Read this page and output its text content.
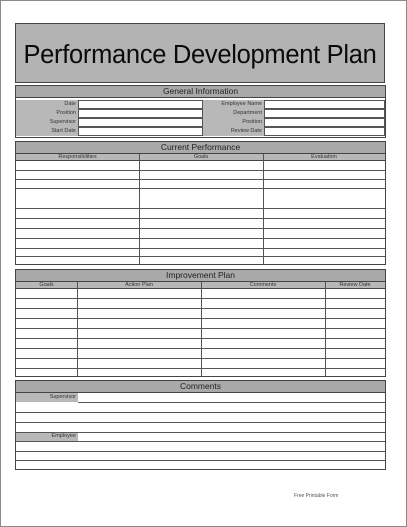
Performance Development Plan
General Information
Date	Employee Name
Position	Department
Supervisor	Position
Start Date	Review Date
Current Performance
Responsibilities	Goals	Evaluation
Improvement Plan
Goals	Action Plan	Comments	Review Date
Comments
Supervisor
Employee
Free Printable Form
